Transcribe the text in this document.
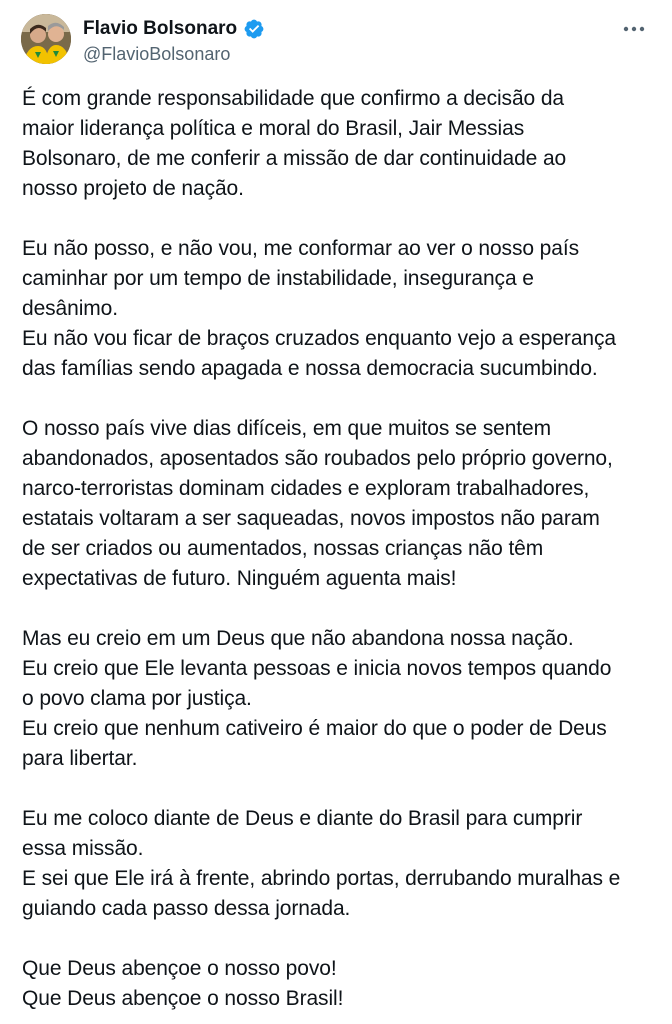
Flavio Bolsonaro
@FlavioBolsonaro

É com grande responsabilidade que confirmo a decisão da
maior liderança política e moral do Brasil, Jair Messias
Bolsonaro, de me conferir a missão de dar continuidade ao
nosso projeto de nação.

Eu não posso, e não vou, me conformar ao ver o nosso país
caminhar por um tempo de instabilidade, insegurança e
desânimo.
Eu não vou ficar de braços cruzados enquanto vejo a esperança
das famílias sendo apagada e nossa democracia sucumbindo.

O nosso país vive dias difíceis, em que muitos se sentem
abandonados, aposentados são roubados pelo próprio governo,
narco-terroristas dominam cidades e exploram trabalhadores,
estatais voltaram a ser saqueadas, novos impostos não param
de ser criados ou aumentados, nossas crianças não têm
expectativas de futuro. Ninguém aguenta mais!

Mas eu creio em um Deus que não abandona nossa nação.
Eu creio que Ele levanta pessoas e inicia novos tempos quando
o povo clama por justiça.
Eu creio que nenhum cativeiro é maior do que o poder de Deus
para libertar.

Eu me coloco diante de Deus e diante do Brasil para cumprir
essa missão.
E sei que Ele irá à frente, abrindo portas, derrubando muralhas e
guiando cada passo dessa jornada.

Que Deus abençoe o nosso povo!
Que Deus abençoe o nosso Brasil!
